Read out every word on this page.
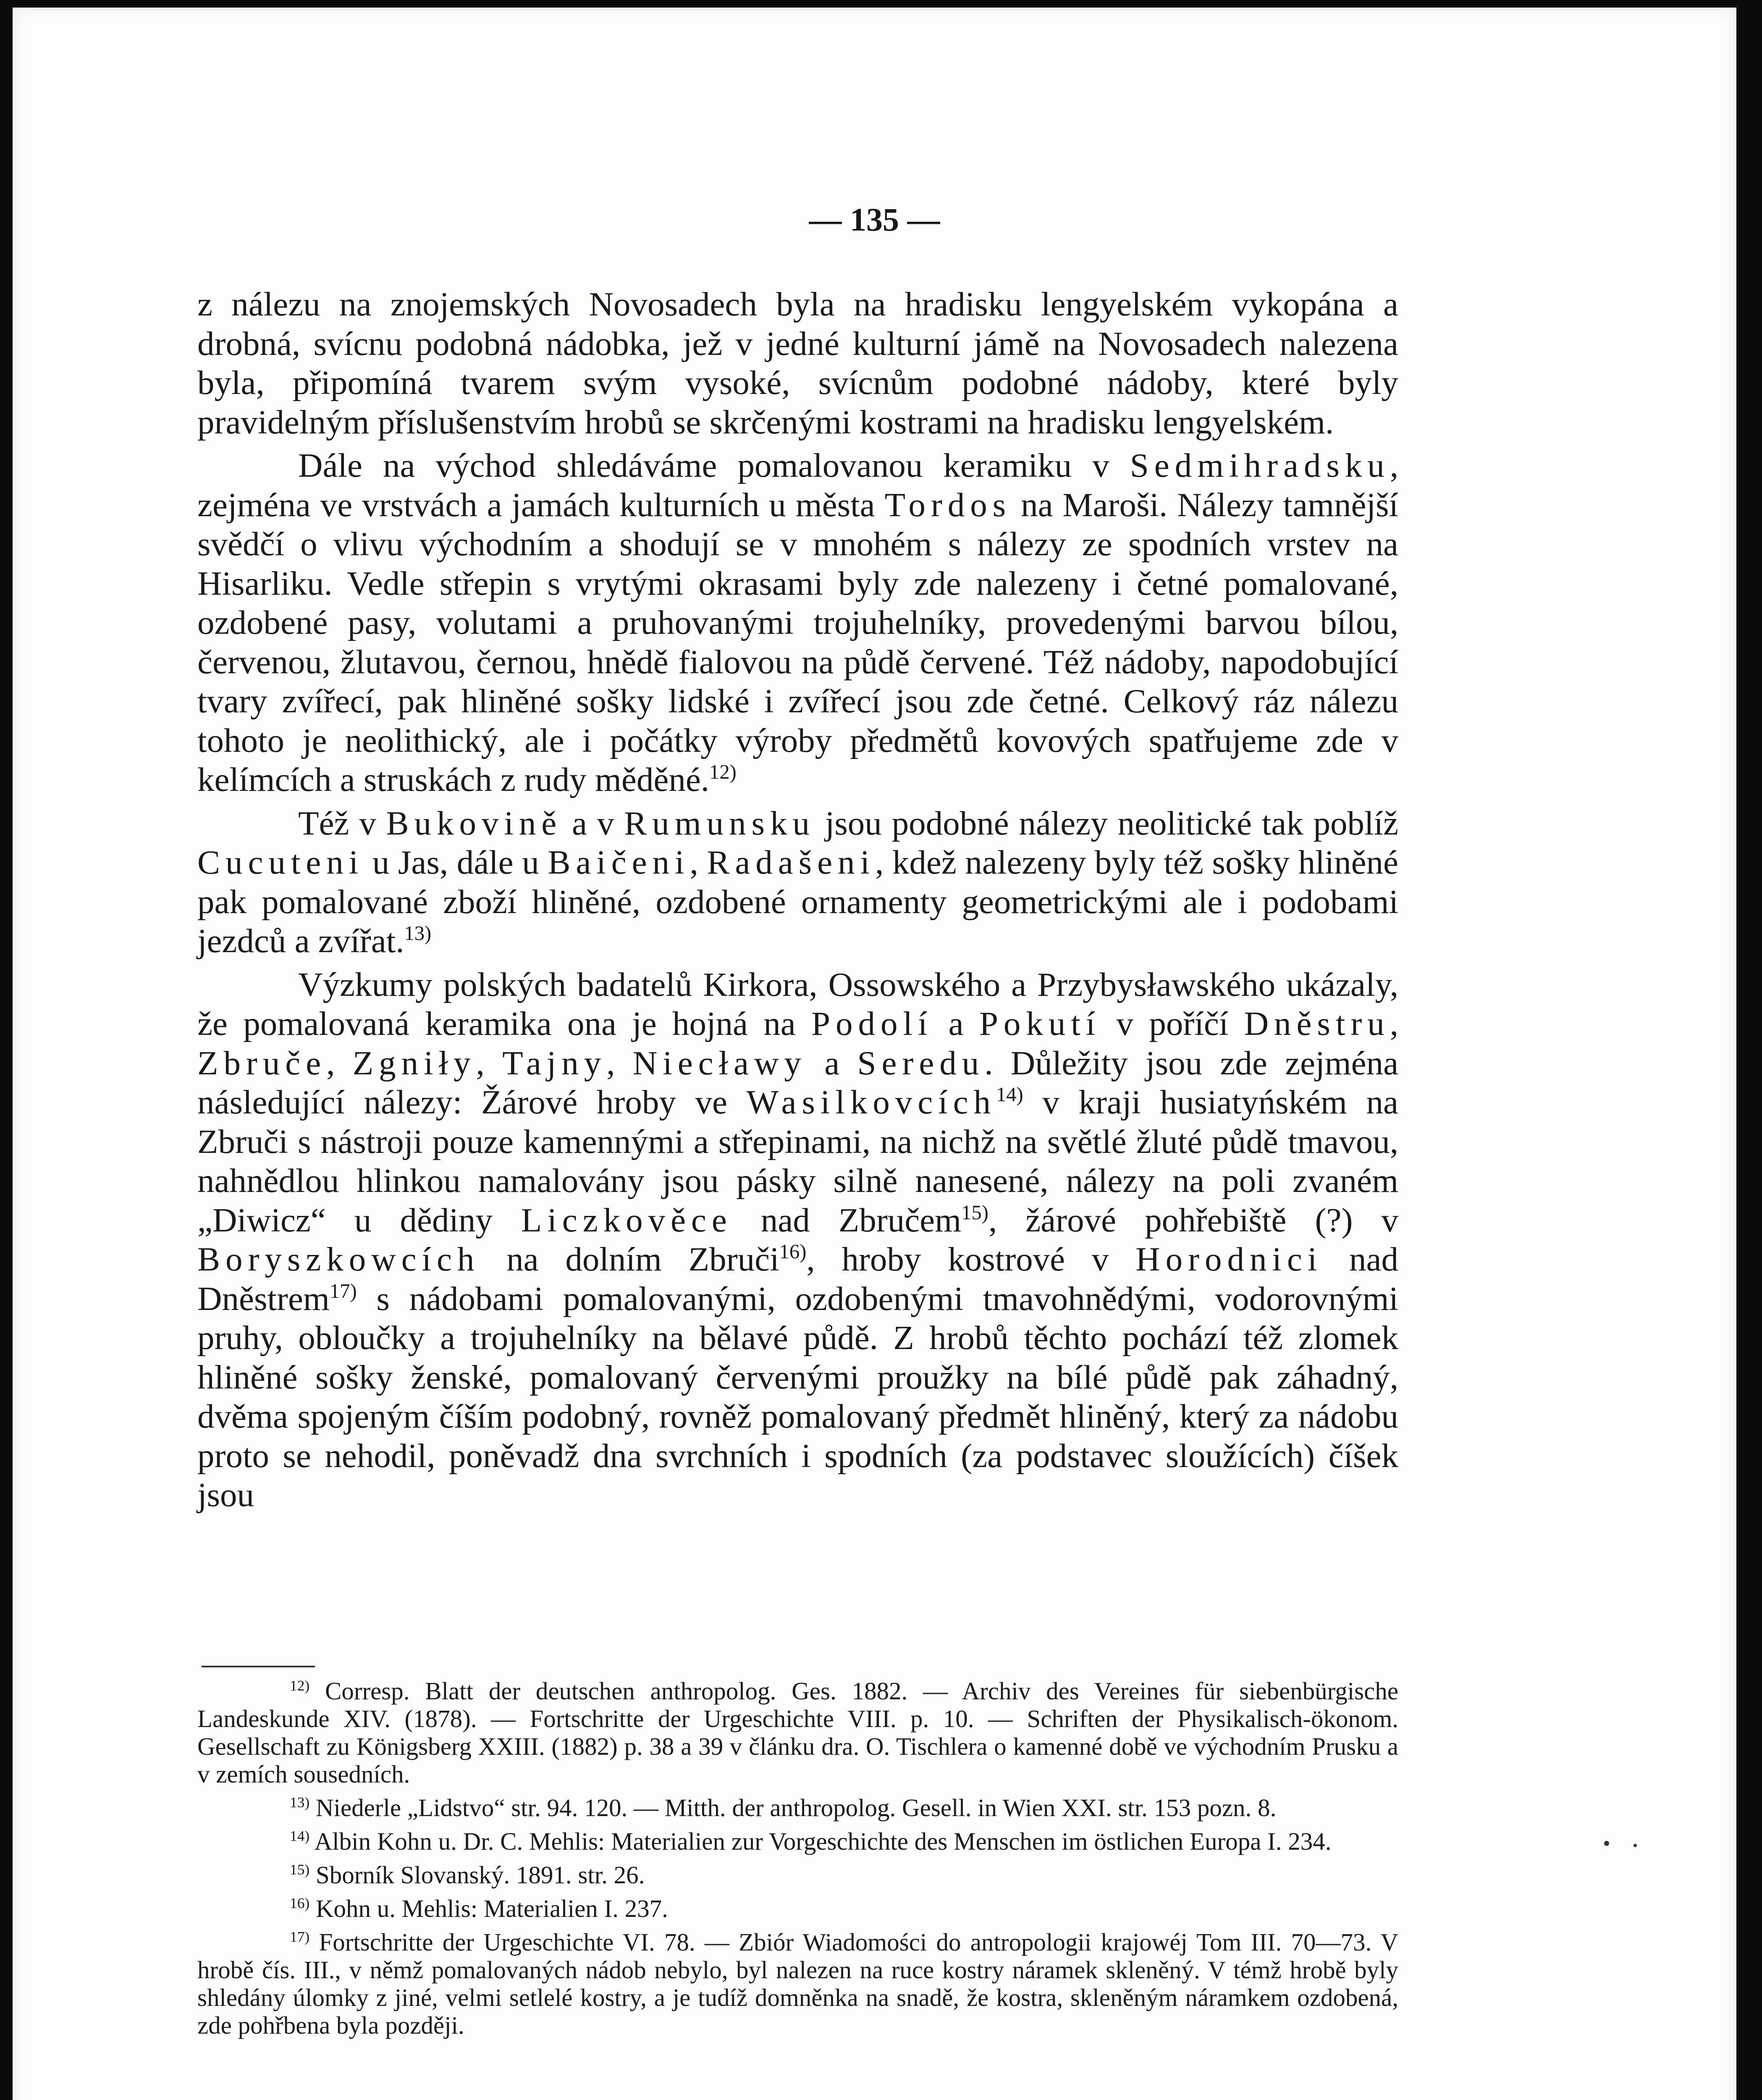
— 135 —

z nálezu na znojemských Novosadech byla na hradisku lengyelském vykopána a drobná, svícnu podobná nádobka, jež v jedné kulturní jámě na Novosadech nalezena byla, připomíná tvarem svým vysoké, svícnům podobné nádoby, které byly pravidelným příslušenstvím hrobů se skrčenými kostrami na hradisku lengyelském.

Dále na východ shledáváme pomalovanou keramiku v Sedmihradsku, zejména ve vrstvách a jamách kulturních u města Tordos na Maroši. Nálezy tamnější svědčí o vlivu východním a shodují se v mnohém s nálezy ze spodních vrstev na Hisarliku. Vedle střepin s vrytými okrasami byly zde nalezeny i četné pomalované, ozdobené pasy, volutami a pruhovanými trojuhelníky, provedenými barvou bílou, červenou, žlutavou, černou, hnědě fialovou na půdě červené. Též nádoby, napodobující tvary zvířecí, pak hliněné sošky lidské i zvířecí jsou zde četné. Celkový ráz nálezu tohoto je neolithický, ale i počátky výroby předmětů kovových spatřujeme zde v kelímcích a struskách z rudy měděné.$^{12)}$

Též v Bukovině a v Rumunsku jsou podobné nálezy neolitické tak poblíž Cucuteni u Jas, dále u Baičeni, Radašeni, kdež nalezeny byly též sošky hliněné pak pomalované zboží hliněné, ozdobené ornamenty geometrickými ale i podobami jezdců a zvířat.$^{13)}$

Výzkumy polských badatelů Kirkora, Ossowského a Przybysławského ukázaly, že pomalovaná keramika ona je hojná na Podolí a Pokutí v poříčí Dněstru, Zbruče, Zgniły, Tajny, Niecławy a Seredu. Důležity jsou zde zejména následující nálezy: Žárové hroby ve Wasilkovcích$^{14)}$ v kraji husiatyńském na Zbruči s nástroji pouze kamennými a střepinami, na nichž na světlé žluté půdě tmavou, nahnědlou hlinkou namalovány jsou pásky silně nanesené, nálezy na poli zvaném „Diwicz“ u dědiny Liczkověce nad Zbručem$^{15)}$, žárové pohřebiště (?) v Boryszkowcích na dolním Zbruči$^{16)}$, hroby kostrové v Horodnici nad Dněstrem$^{17)}$ s nádobami pomalovanými, ozdobenými tmavohnědými, vodorovnými pruhy, obloučky a trojuhelníky na bělavé půdě. Z hrobů těchto pochází též zlomek hliněné sošky ženské, pomalovaný červenými proužky na bílé půdě pak záhadný, dvěma spojeným číším podobný, rovněž pomalovaný předmět hliněný, který za nádobu proto se nehodil, poněvadž dna svrchních i spodních (za podstavec sloužících) číšek jsou

$^{12)}$ Corresp. Blatt der deutschen anthropolog. Ges. 1882. — Archiv des Vereines für siebenbürgische Landeskunde XIV. (1878). — Fortschritte der Urgeschichte VIII. p. 10. — Schriften der Physikalisch-ökonom. Gesellschaft zu Königsberg XXIII. (1882) p. 38 a 39 v článku dra. O. Tischlera o kamenné době ve východním Prusku a v zemích sousedních.

$^{13)}$ Niederle „Lidstvo“ str. 94. 120. — Mitth. der anthropolog. Gesell. in Wien XXI. str. 153 pozn. 8.

$^{14)}$ Albin Kohn u. Dr. C. Mehlis: Materialien zur Vorgeschichte des Menschen im östlichen Europa I. 234.

$^{15)}$ Sborník Slovanský. 1891. str. 26.

$^{16)}$ Kohn u. Mehlis: Materialien I. 237.

$^{17)}$ Fortschritte der Urgeschichte VI. 78. — Zbiór Wiadomości do antropologii krajowéj Tom III. 70—73. V hrobě čís. III., v němž pomalovaných nádob nebylo, byl nalezen na ruce kostry náramek skleněný. V témž hrobě byly shledány úlomky z jiné, velmi setlelé kostry, a je tudíž domněnka na snadě, že kostra, skleněným náramkem ozdobená, zde pohřbena byla později.
